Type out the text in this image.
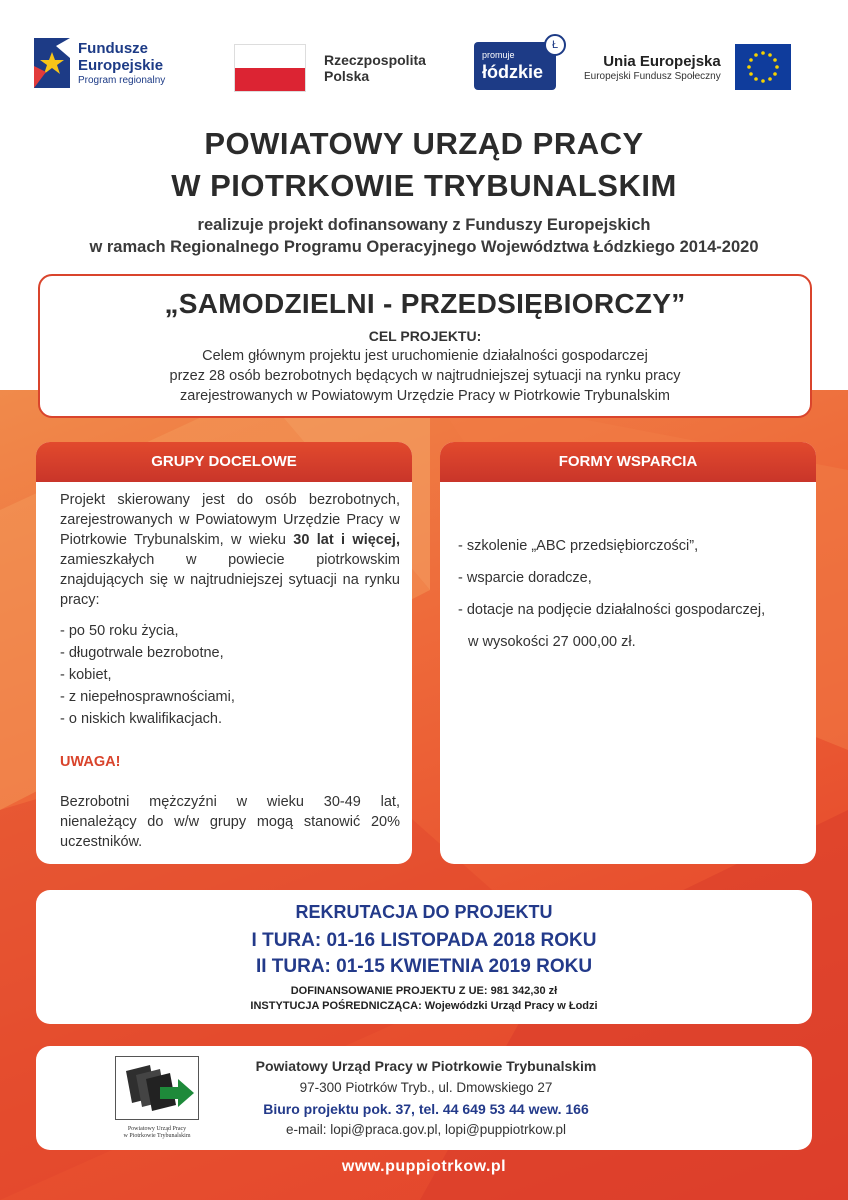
Fundusze
Europejskie
Program regionalny
Rzeczpospolita
Polska
promuje
łódzkie
Ł
Unia Europejska
Europejski Fundusz Społeczny
POWIATOWY URZĄD PRACY
W PIOTRKOWIE TRYBUNALSKIM
realizuje projekt dofinansowany z Funduszy Europejskich
w ramach Regionalnego Programu Operacyjnego Województwa Łódzkiego 2014-2020
„SAMODZIELNI - PRZEDSIĘBIORCZY”
CEL PROJEKTU:
Celem głównym projektu jest uruchomienie działalności gospodarczej
przez 28 osób bezrobotnych będących w najtrudniejszej sytuacji na rynku pracy
zarejestrowanych w Powiatowym Urzędzie Pracy w Piotrkowie Trybunalskim
GRUPY DOCELOWE

Projekt skierowany jest do osób bezrobotnych, zarejestrowanych w Powiatowym Urzędzie Pracy w Piotrkowie Trybunalskim, w wieku 30 lat i więcej, zamieszkałych w powiecie piotrkowskim znajdujących się w najtrudniejszej sytuacji na rynku pracy:

- po 50 roku życia,
- długotrwale bezrobotne,
- kobiet,
- z niepełnosprawnościami,
- o niskich kwalifikacjach.

UWAGA!

Bezrobotni mężczyźni w wieku 30-49 lat, nienależący do w/w grupy mogą stanowić 20% uczestników.

FORMY WSPARCIA
- szkolenie „ABC przedsiębiorczości”,
- wsparcie doradcze,
- dotacje na podjęcie działalności gospodarczej,
w wysokości 27 000,00 zł.
REKRUTACJA DO PROJEKTU
I TURA: 01-16 LISTOPADA 2018 ROKU
II TURA: 01-15 KWIETNIA 2019 ROKU
DOFINANSOWANIE PROJEKTU Z UE: 981 342,30 zł
INSTYTUCJA POŚREDNICZĄCA: Wojewódzki Urząd Pracy w Łodzi
Powiatowy Urząd Pracy
w Piotrkowie Trybunalskim
Powiatowy Urząd Pracy w Piotrkowie Trybunalskim
97-300 Piotrków Tryb., ul. Dmowskiego 27
Biuro projektu pok. 37, tel. 44 649 53 44 wew. 166
e-mail: lopi@praca.gov.pl, lopi@puppiotrkow.pl
www.puppiotrkow.pl
